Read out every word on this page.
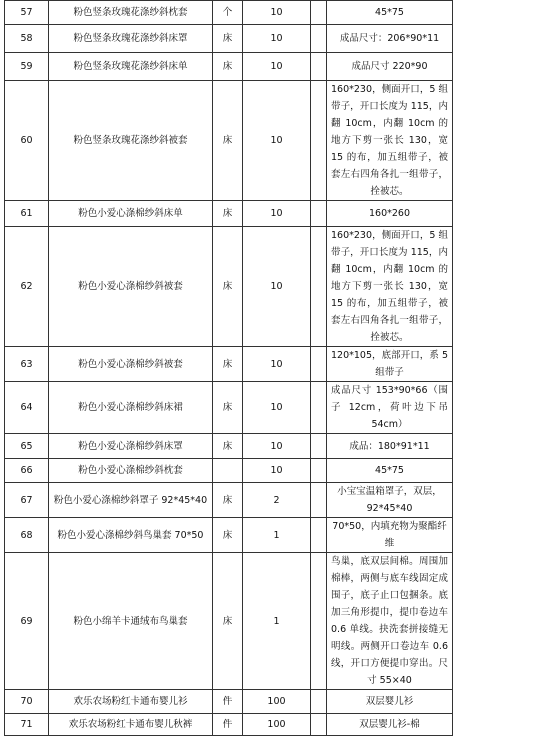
57	粉色竖条玫瑰花涤纱斜枕套	个	10		45*75
58	粉色竖条玫瑰花涤纱斜床罩	床	10		成品尺寸：206*90*11
59	粉色竖条玫瑰花涤纱斜床单	床	10		成品尺寸 220*90
60	粉色竖条玫瑰花涤纱斜被套	床	10		160*230，侧面开口，5 组带子，开口长度为 115，内翻 10cm，内翻 10cm 的地方下剪一张长 130，宽 15 的布，加五组带子，被套左右四角各扎一组带子，拴被芯。
61	粉色小爱心涤棉纱斜床单	床	10		160*260
62	粉色小爱心涤棉纱斜被套	床	10		160*230，侧面开口，5 组带子，开口长度为 115，内翻 10cm，内翻 10cm 的地方下剪一张长 130，宽 15 的布，加五组带子，被套左右四角各扎一组带子，拴被芯。
63	粉色小爱心涤棉纱斜被套	床	10		120*105，底部开口，系 5 组带子
64	粉色小爱心涤棉纱斜床裙	床	10		成品尺寸 153*90*66（围子 12cm，荷叶边下吊 54cm）
65	粉色小爱心涤棉纱斜床罩	床	10		成品：180*91*11
66	粉色小爱心涤棉纱斜枕套		10		45*75
67	粉色小爱心涤棉纱斜罩子 92*45*40	床	2		小宝宝温箱罩子，双层，92*45*40
68	粉色小爱心涤棉纱斜鸟巢套 70*50	床	1		70*50，内填充物为聚酯纤维
69	粉色小绵羊卡通绒布鸟巢套	床	1		鸟巢，底双层间棉。周围加棉棒，两侧与底车线固定成围子，底子止口包捆条。底加三角形提巾，提巾卷边车 0.6 单线。抉洗套拼接缝无明线。两侧开口卷边车 0.6 线，开口方便提巾穿出。尺寸 55×40
70	欢乐农场粉红卡通布婴儿衫	件	100		双层婴儿衫
71	欢乐农场粉红卡通布婴儿秋裤	件	100		双层婴儿衫-棉
